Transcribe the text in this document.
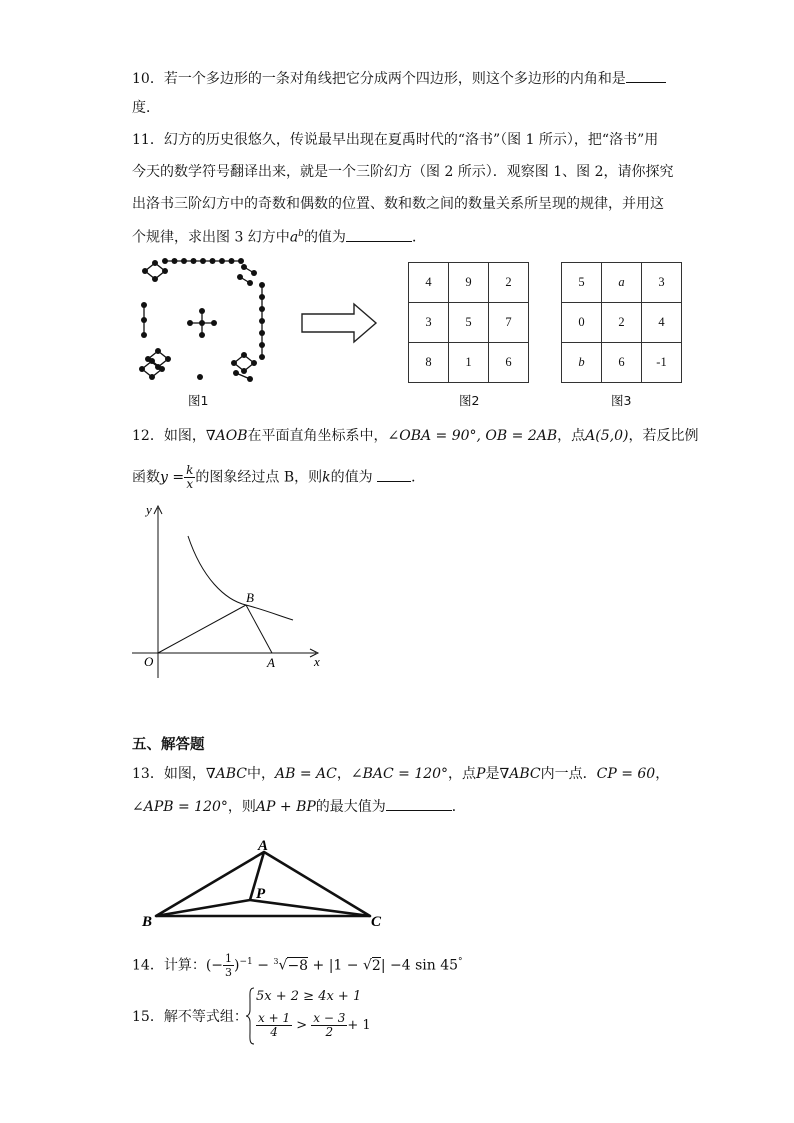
10．若一个多边形的一条对角线把它分成两个四边形，则这个多边形的内角和是
度．
11．幻方的历史很悠久，传说最早出现在夏禹时代的“洛书”（图 1 所示），把“洛书”用
今天的数学符号翻译出来，就是一个三阶幻方（图 2 所示）．观察图 1、图 2，请你探究
出洛书三阶幻方中的奇数和偶数的位置、数和数之间的数量关系所呈现的规律，并用这
个规律，求出图 3 幻方中$a^b$的值为	．
4	9	2
3	5	7
8	1	6
5	a	3
0	2	4
b	6	-1
图1	图2	图3
12．如图，∇AOB在平面直角坐标系中，∠OBA = 90°, OB = 2AB，点A(5,0)，若反比例
函数$y = \frac{k}{x}$ 的图象经过点 B，则k的值为	．
y
x
O	A
B
五、解答题
13．如图，∇ABC中，AB = AC，∠BAC = 120°，点P是∇ABC内一点．CP = 60，
∠APB = 120°，则AP + BP的最大值为	．
A
B	C
P
14．计算：(− $\frac{1}{3} )^{-1} - ^3√-8 + |1 - √2| -4$ sin 45°
15．解不等式组：
5x + 2 ≥ 4x + 1
$\frac{x + 1}{4} > \frac{x - 3}{2} + 1$
